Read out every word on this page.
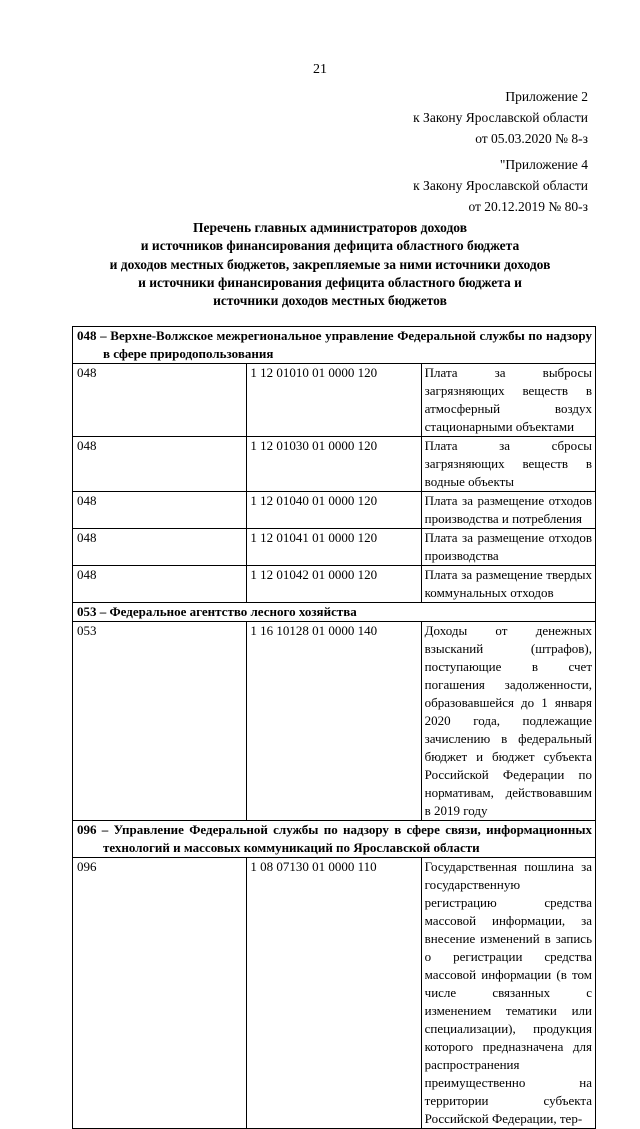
21
Приложение 2
к Закону Ярославской области
от 05.03.2020 № 8-з
"Приложение 4
к Закону Ярославской области
от 20.12.2019 № 80-з
Перечень главных администраторов доходов
и источников финансирования дефицита областного бюджета
и доходов местных бюджетов, закрепляемые за ними источники доходов
и источники финансирования дефицита областного бюджета и
источники доходов местных бюджетов
048 – Верхне-Волжское межрегиональное управление Федеральной службы по надзору в сфере природопользования		
048	1 12 01010 01 0000 120	Плата за выбросы загрязняющих веществ в атмосферный воздух стационарными объектами
048	1 12 01030 01 0000 120	Плата за сбросы загрязняющих веществ в водные объекты
048	1 12 01040 01 0000 120	Плата за размещение отходов производства и потребления
048	1 12 01041 01 0000 120	Плата за размещение отходов производства
048	1 12 01042 01 0000 120	Плата за размещение твердых коммунальных отходов
053 – Федеральное агентство лесного хозяйства		
053	1 16 10128 01 0000 140	Доходы от денежных взысканий (штрафов), поступающие в счет погашения задолженности, образовавшейся до 1 января 2020 года, подлежащие зачислению в федеральный бюджет и бюджет субъекта Российской Федерации по нормативам, действовавшим в 2019 году
096 – Управление Федеральной службы по надзору в сфере связи, информационных технологий и массовых коммуникаций по Ярославской области		
096	1 08 07130 01 0000 110	Государственная пошлина за государственную регистрацию средства массовой информации, за внесение изменений в запись о регистрации средства массовой информации (в том числе связанных с изменением тематики или специализации), продукция которого предназначена для распространения преимущественно на территории субъекта Российской Федерации, тер-
